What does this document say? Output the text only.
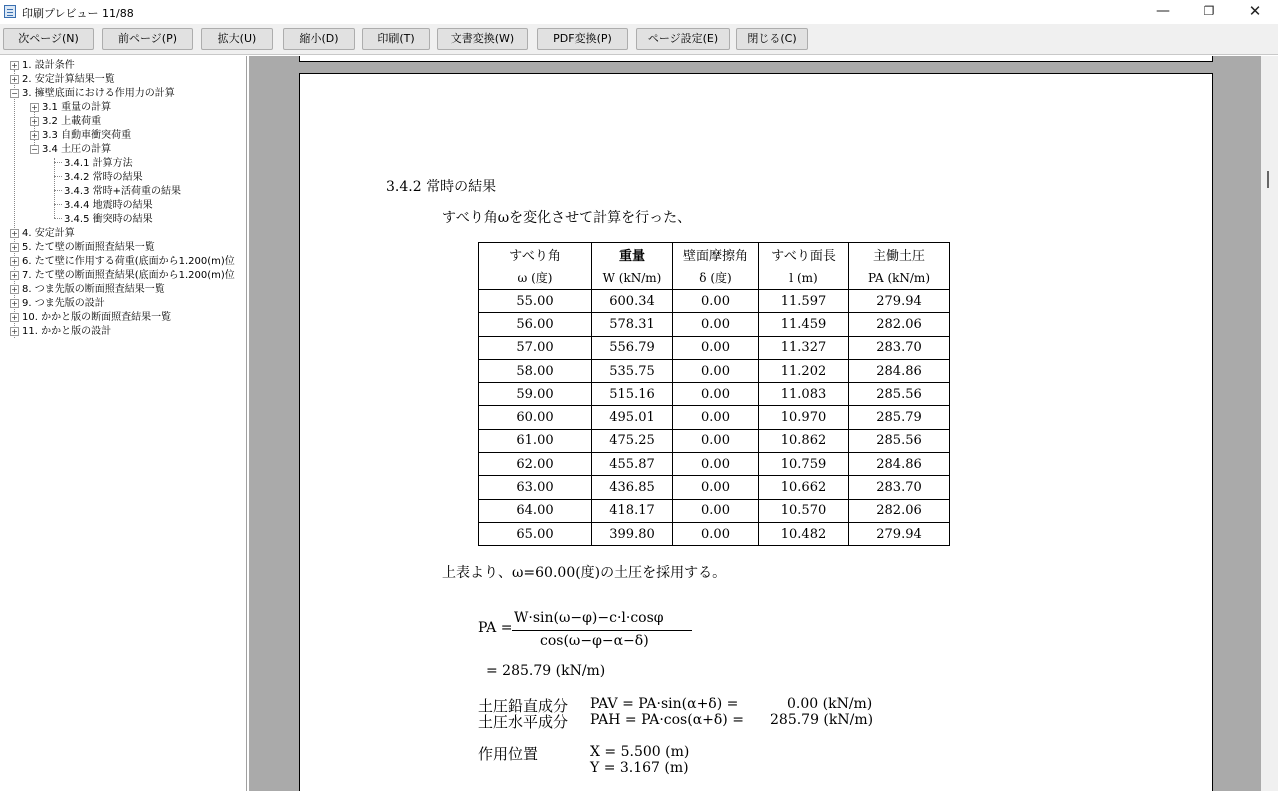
印刷プレビュー 11/88	—	❐	✕
次ページ(N)	前ページ(P)	拡大(U)	縮小(D)	印刷(T)	文書変換(W)	PDF変換(P)	ページ設定(E)	閉じる(C)
+ 1. 設計条件
+ 2. 安定計算結果一覧
− 3. 擁壁底面における作用力の計算
+ 3.1 重量の計算
+ 3.2 上載荷重
+ 3.3 自動車衝突荷重
− 3.4 土圧の計算
3.4.1 計算方法
3.4.2 常時の結果
3.4.3 常時+活荷重の結果
3.4.4 地震時の結果
3.4.5 衝突時の結果
+ 4. 安定計算
+ 5. たて壁の断面照査結果一覧
+ 6. たて壁に作用する荷重(底面から1.200(m)位
+ 7. たて壁の断面照査結果(底面から1.200(m)位
+ 8. つま先版の断面照査結果一覧
+ 9. つま先版の設計
+ 10. かかと版の断面照査結果一覧
+ 11. かかと版の設計
3.4.2 常時の結果
すべり角ωを変化させて計算を行った、
すべり角	重量	壁面摩擦角	すべり面長	主働土圧
ω (度)	W (kN/m)	δ (度)	l (m)	PA (kN/m)
55.00	600.34	0.00	11.597	279.94
56.00	578.31	0.00	11.459	282.06
57.00	556.79	0.00	11.327	283.70
58.00	535.75	0.00	11.202	284.86
59.00	515.16	0.00	11.083	285.56
60.00	495.01	0.00	10.970	285.79
61.00	475.25	0.00	10.862	285.56
62.00	455.87	0.00	10.759	284.86
63.00	436.85	0.00	10.662	283.70
64.00	418.17	0.00	10.570	282.06
65.00	399.80	0.00	10.482	279.94
上表より、ω=60.00(度)の土圧を採用する。
PA =
W·sin(ω−φ)−c·l·cosφ
cos(ω−φ−α−δ)
= 285.79 (kN/m)
土圧鉛直成分 PAV = PA·sin(α+δ) =	0.00 (kN/m)
土圧水平成分 PAH = PA·cos(α+δ) = 285.79 (kN/m)
作用位置	X = 5.500 (m)
Y = 3.167 (m)
